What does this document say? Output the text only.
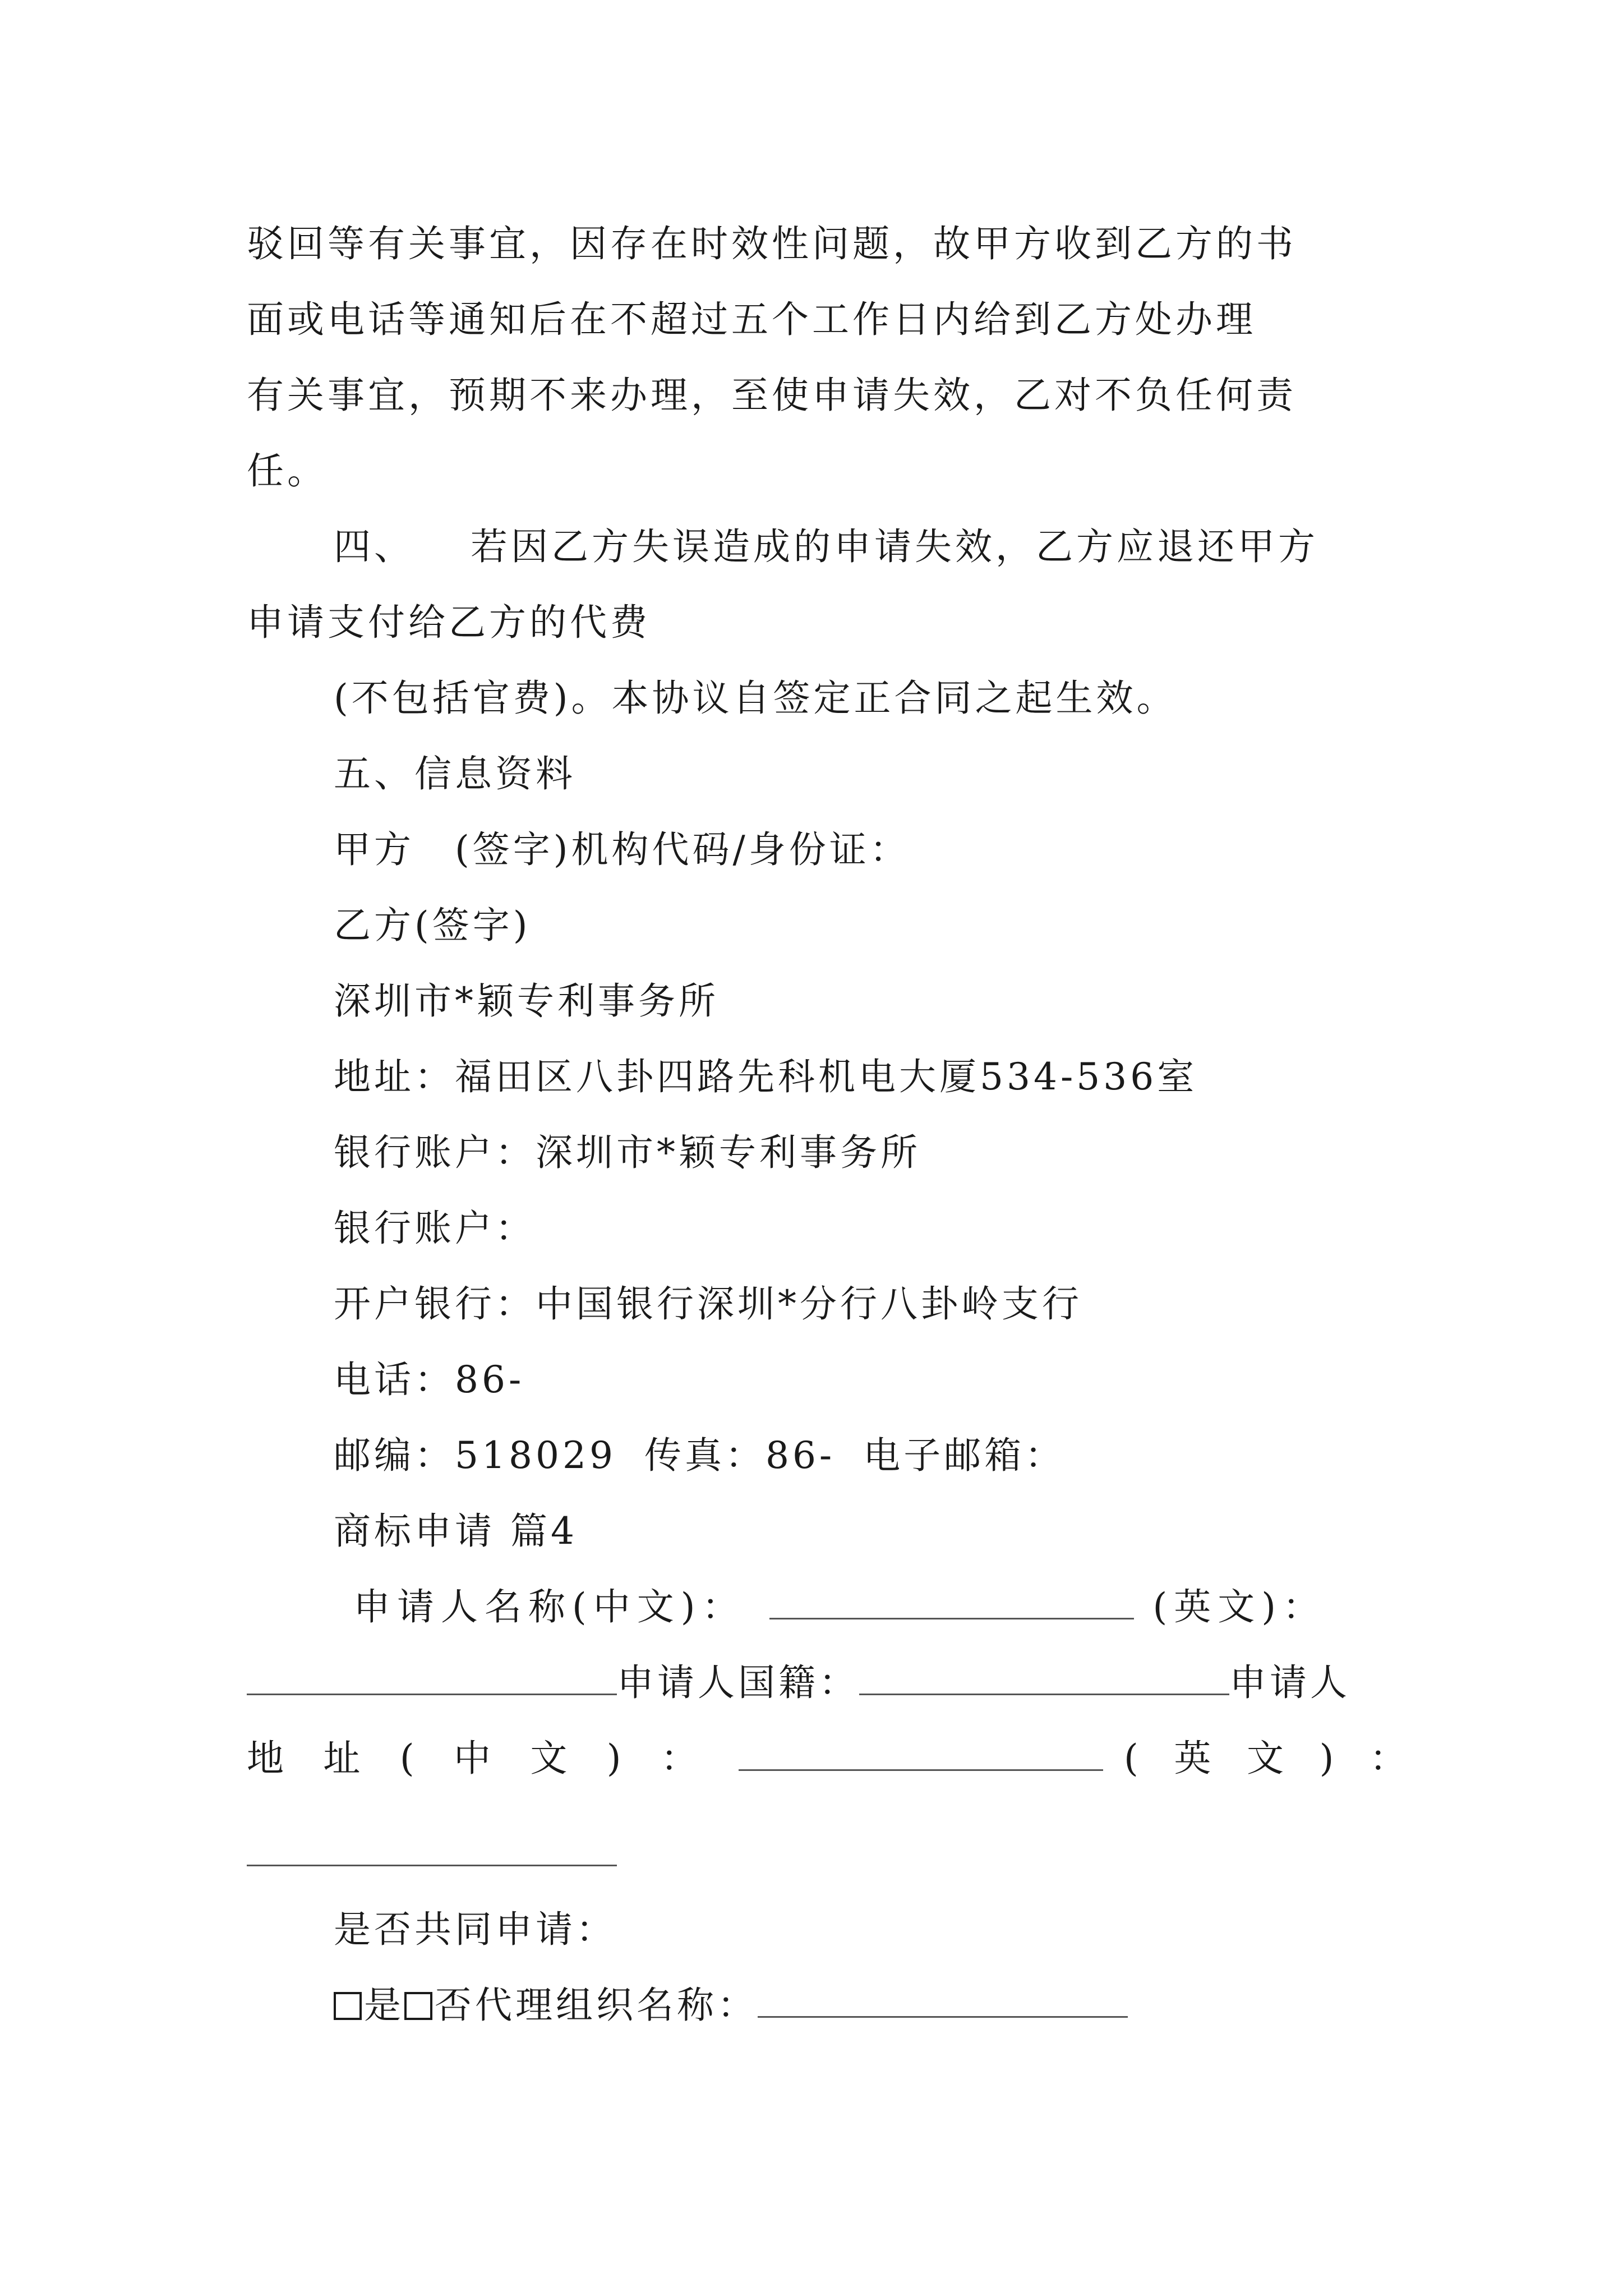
驳回等有关事宜，因存在时效性问题，故甲方收到乙方的书
面或电话等通知后在不超过五个工作日内给到乙方处办理
有关事宜，预期不来办理，至使申请失效，乙对不负任何责
任。
四、 若因乙方失误造成的申请失效，乙方应退还甲方
申请支付给乙方的代费
(不包括官费)。本协议自签定正合同之起生效。
五、信息资料
甲方　(签字)机构代码/身份证：
乙方(签字)
深圳市*颖专利事务所
地址：福田区八卦四路先科机电大厦534-536室
银行账户：深圳市*颖专利事务所
银行账户：
开户银行：中国银行深圳*分行八卦岭支行
电话：86-
邮编：518029 传真：86- 电子邮箱：
商标申请 篇4
申请人名称(中文)：	(英文)：
申请人国籍：	申请人
地 址 ( 中 文 ) ：
	( 英 文 ) ：
是否共同申请：
是 否代理组织名称：
